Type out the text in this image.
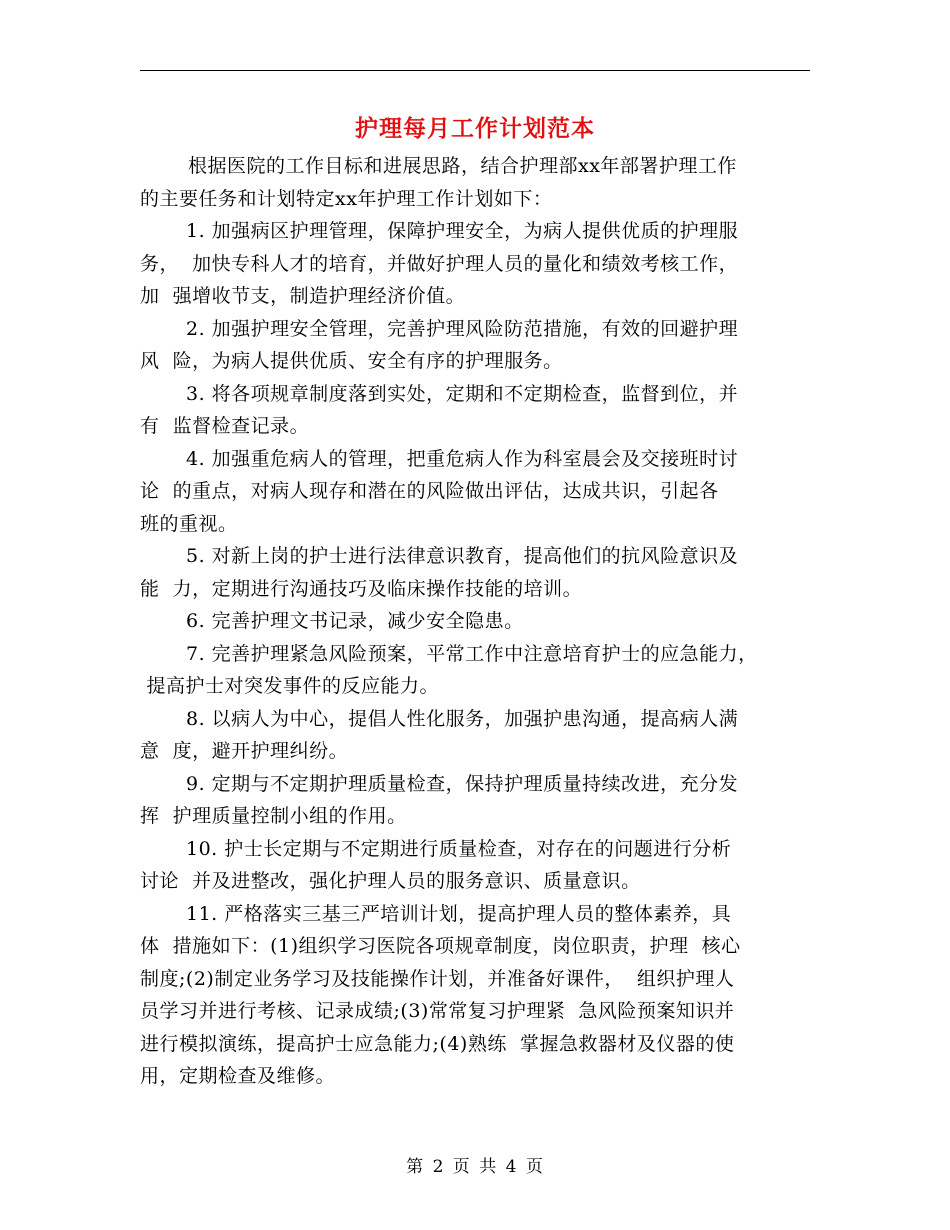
护理每月工作计划范本
根据医院的工作目标和进展思路，结合护理部xx年部署护理工作
的主要任务和计划特定xx年护理工作计划如下：
1. 加强病区护理管理，保障护理安全，为病人提供优质的护理服
务，  加快专科人才的培育，并做好护理人员的量化和绩效考核工作，
加  强增收节支，制造护理经济价值。
2. 加强护理安全管理，完善护理风险防范措施，有效的回避护理
风  险，为病人提供优质、安全有序的护理服务。
3. 将各项规章制度落到实处，定期和不定期检查，监督到位，并
有  监督检查记录。
4. 加强重危病人的管理，把重危病人作为科室晨会及交接班时讨
论  的重点，对病人现存和潜在的风险做出评估，达成共识，引起各
班的重视。
5. 对新上岗的护士进行法律意识教育，提高他们的抗风险意识及
能  力，定期进行沟通技巧及临床操作技能的培训。
6. 完善护理文书记录，减少安全隐患。
7. 完善护理紧急风险预案，平常工作中注意培育护士的应急能力，
提高护士对突发事件的反应能力。
8. 以病人为中心，提倡人性化服务，加强护患沟通，提高病人满
意  度，避开护理纠纷。
9. 定期与不定期护理质量检查，保持护理质量持续改进，充分发
挥  护理质量控制小组的作用。
10. 护士长定期与不定期进行质量检查，对存在的问题进行分析
讨论  并及进整改，强化护理人员的服务意识、质量意识。
11. 严格落实三基三严培训计划，提高护理人员的整体素养，具
体  措施如下：(1)组织学习医院各项规章制度，岗位职责，护理  核心
制度;(2)制定业务学习及技能操作计划，并准备好课件，  组织护理人
员学习并进行考核、记录成绩;(3)常常复习护理紧  急风险预案知识并
进行模拟演练，提高护士应急能力;(4)熟练  掌握急救器材及仪器的使
用，定期检查及维修。
第 2 页 共 4 页
